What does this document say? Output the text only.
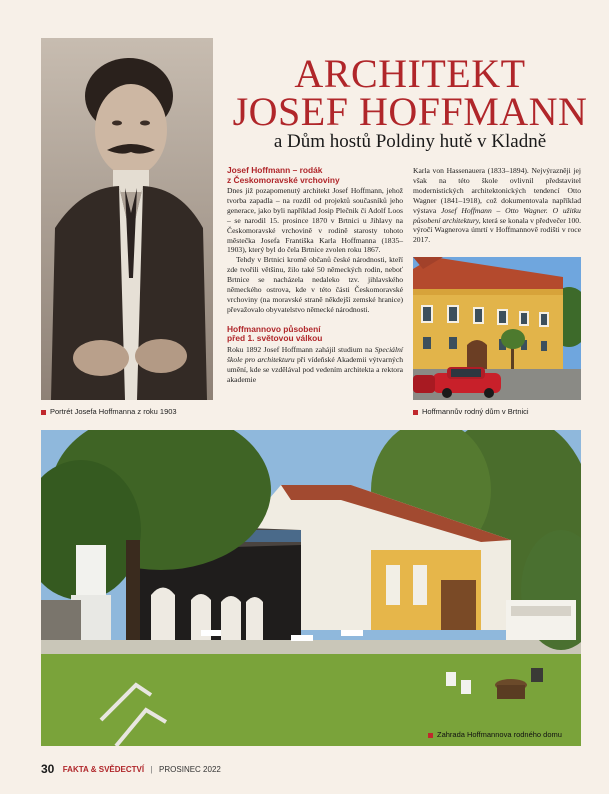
Portrét Josefa Hoffmanna z roku 1903
ARCHITEKT
JOSEF HOFFMANN
a Dům hostů Poldiny hutě v Kladně
Josef Hoffmann – rodák
z Českomoravské vrchoviny

Dnes již pozapomenutý architekt Josef Hoffmann, jehož tvorba zapadla – na rozdíl od projektů současníků jeho generace, jako byli například Josip Plečnik či Adolf Loos – se narodil 15. prosince 1870 v Brtnici u Jihlavy na Českomoravské vrchovině v rodině starosty tohoto městečka Josefa Františka Karla Hoffmanna (1835–1903), který byl do čela Brtnice zvolen roku 1867.

Tehdy v Brtnici kromě občanů české národnosti, kteří zde tvořili většinu, žilo také 50 německých rodin, neboť Brtnice se nacházela nedaleko tzv. jihlavského německého ostrova, kde v této části Českomoravské vrchoviny (na moravské straně někdejší zemské hranice) převažovalo obyvatelstvo německé národnosti.

Hoffmannovo působení
před 1. světovou válkou

Roku 1892 Josef Hoffmann zahájil studium na Speciální škole pro architekturu při vídeňské Akademii výtvarných umění, kde se vzdělával pod vedením architekta a rektora akademie

Karla von Hassenauera (1833–1894). Nejvýrazněji jej však na této škole ovlivnil představitel modernistických architektonických tendencí Otto Wagner (1841–1918), což dokumentovala například výstava Josef Hoffmann – Otto Wagner. O užitku působení architektury, která se konala v předvečer 100. výročí Wagnerova úmrtí v Hoffmannově rodišti v roce 2017.

Hoffmannův rodný dům v Brtnici
Zahrada Hoffmannova rodného domu
30 FAKTA & SVĚDECTVÍ | PROSINEC 2022
